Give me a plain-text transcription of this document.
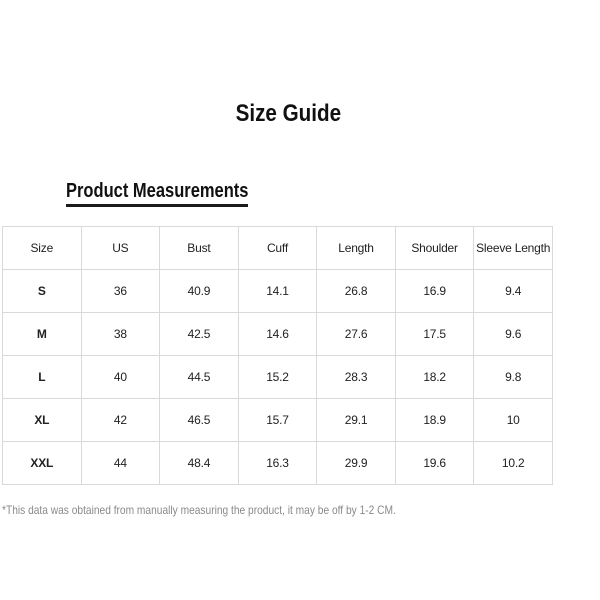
Size Guide
Product Measurements
Size	US	Bust	Cuff	Length	Shoulder	Sleeve Length
S	36	40.9	14.1	26.8	16.9	9.4
M	38	42.5	14.6	27.6	17.5	9.6
L	40	44.5	15.2	28.3	18.2	9.8
XL	42	46.5	15.7	29.1	18.9	10
XXL	44	48.4	16.3	29.9	19.6	10.2
*This data was obtained from manually measuring the product, it may be off by 1-2 CM.
